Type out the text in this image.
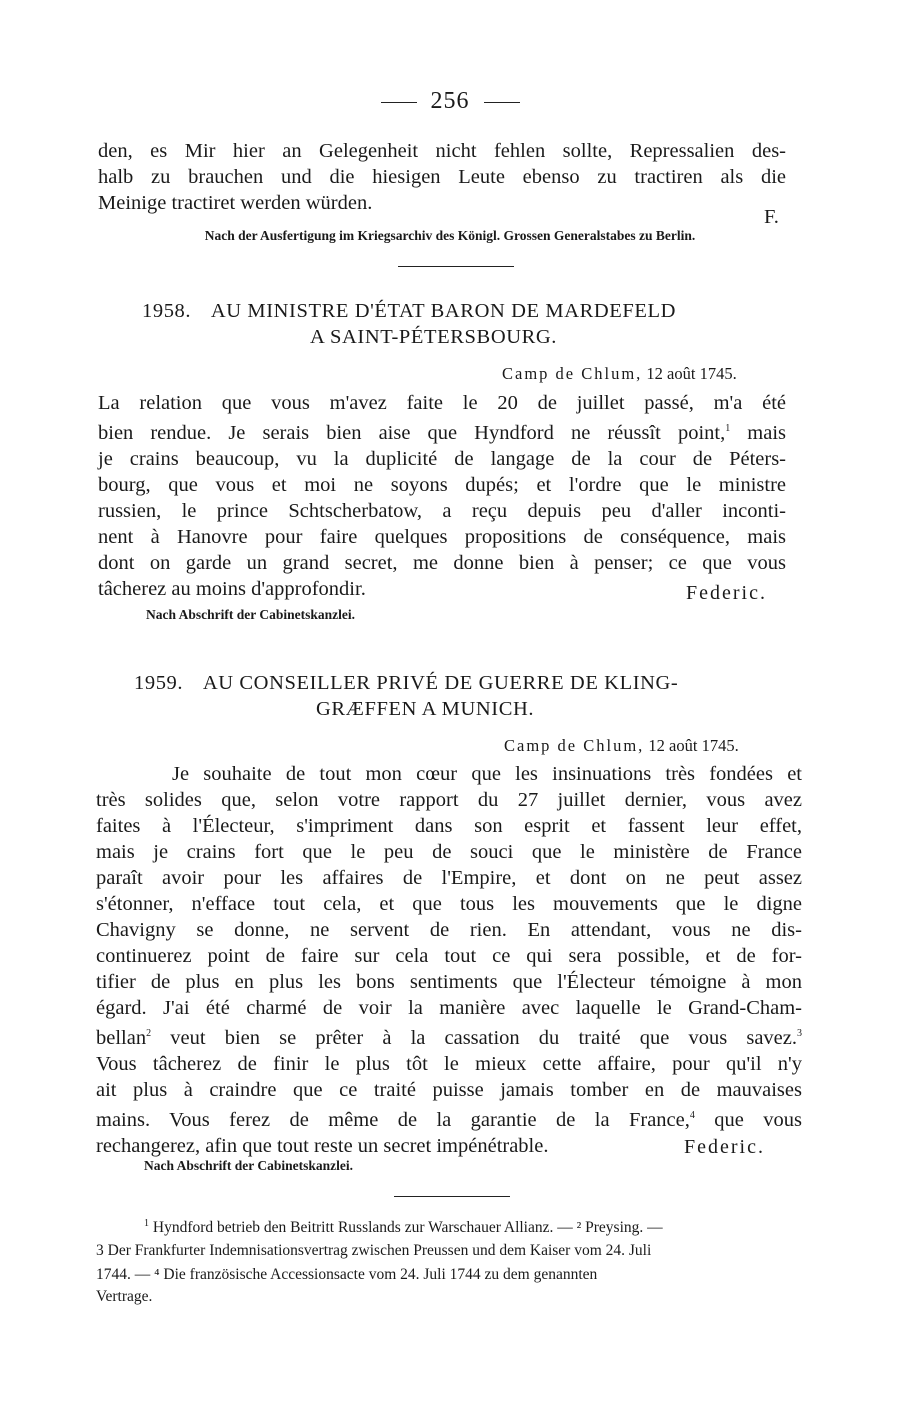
256
den, es Mir hier an Gelegenheit nicht fehlen sollte, Repressalien des-
halb zu brauchen und die hiesigen Leute ebenso zu tractiren als die
Meinige tractiret werden würden.
F.
Nach der Ausfertigung im Kriegsarchiv des Königl. Grossen Generalstabes zu Berlin.
1958. AU MINISTRE D'ÉTAT BARON DE MARDEFELD
A SAINT-PÉTERSBOURG.
Camp de Chlum, 12 août 1745.
La relation que vous m'avez faite le 20 de juillet passé, m'a été
bien rendue. Je serais bien aise que Hyndford ne réussît point,$^1$ mais
je crains beaucoup, vu la duplicité de langage de la cour de Péters-
bourg, que vous et moi ne soyons dupés; et l'ordre que le ministre
russien, le prince Schtscherbatow, a reçu depuis peu d'aller inconti-
nent à Hanovre pour faire quelques propositions de conséquence, mais
dont on garde un grand secret, me donne bien à penser; ce que vous
tâcherez au moins d'approfondir.	Federic.
Nach Abschrift der Cabinetskanzlei.
1959. AU CONSEILLER PRIVÉ DE GUERRE DE KLING-
GRÆFFEN A MUNICH.
Camp de Chlum, 12 août 1745.
Je souhaite de tout mon cœur que les insinuations très fondées et
très solides que, selon votre rapport du 27 juillet dernier, vous avez
faites à l'Électeur, s'impriment dans son esprit et fassent leur effet,
mais je crains fort que le peu de souci que le ministère de France
paraît avoir pour les affaires de l'Empire, et dont on ne peut assez
s'étonner, n'efface tout cela, et que tous les mouvements que le digne
Chavigny se donne, ne servent de rien. En attendant, vous ne dis-
continuerez point de faire sur cela tout ce qui sera possible, et de for-
tifier de plus en plus les bons sentiments que l'Électeur témoigne à mon
égard. J'ai été charmé de voir la manière avec laquelle le Grand-Cham-
bellan$^2$ veut bien se prêter à la cassation du traité que vous savez.$^3$
Vous tâcherez de finir le plus tôt le mieux cette affaire, pour qu'il n'y
ait plus à craindre que ce traité puisse jamais tomber en de mauvaises
mains. Vous ferez de même de la garantie de la France,$^4$ que vous
rechangerez, afin que tout reste un secret impénétrable.	Federic.
Nach Abschrift der Cabinetskanzlei.
$^1$ Hyndford betrieb den Beitritt Russlands zur Warschauer Allianz. — ² Preysing. —
3 Der Frankfurter Indemnisationsvertrag zwischen Preussen und dem Kaiser vom 24. Juli
1744. — ⁴ Die französische Accessionsacte vom 24. Juli 1744 zu dem genannten
Vertrage.
